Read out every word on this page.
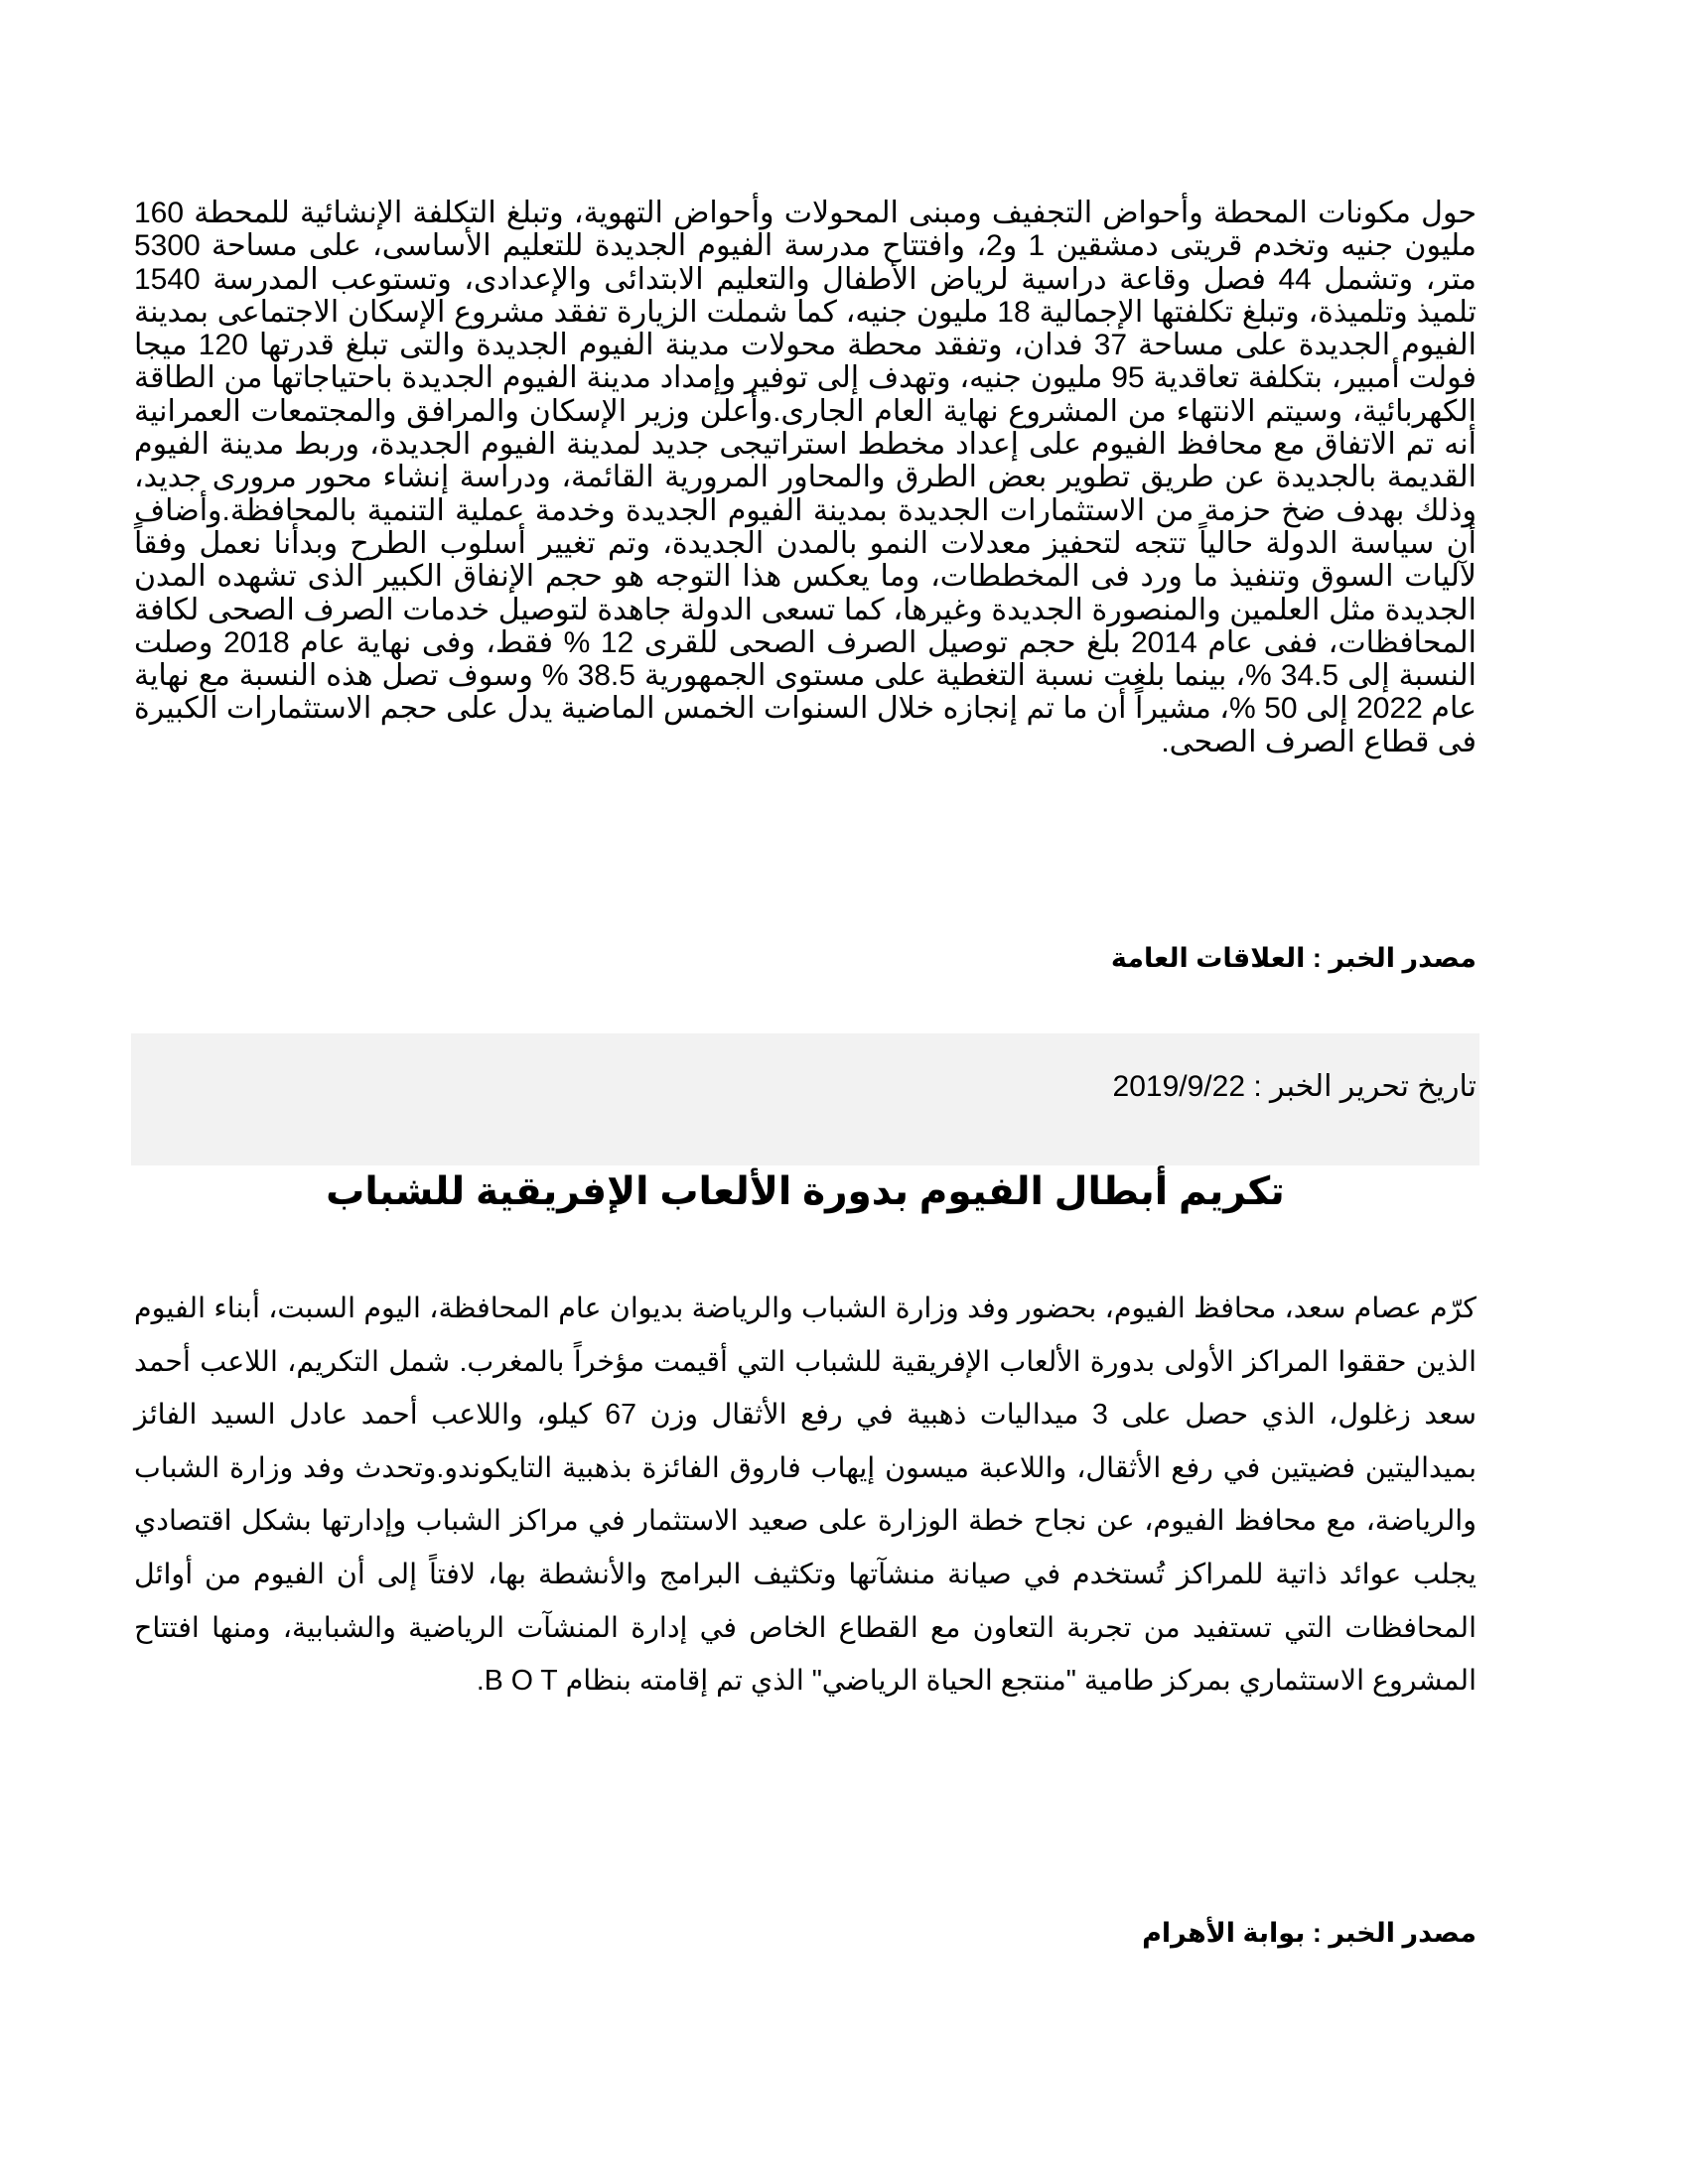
حول مكونات المحطة وأحواض التجفيف ومبنى المحولات وأحواض التهوية، وتبلغ التكلفة الإنشائية للمحطة 160 مليون جنيه وتخدم قريتى دمشقين 1 و2، وافتتاح مدرسة الفيوم الجديدة للتعليم الأساسى، على مساحة 5300 متر، وتشمل 44 فصل وقاعة دراسية لرياض الأطفال والتعليم الابتدائى والإعدادى، وتستوعب المدرسة 1540 تلميذ وتلميذة، وتبلغ تكلفتها الإجمالية 18 مليون جنيه، كما شملت الزيارة تفقد مشروع الإسكان الاجتماعى بمدينة الفيوم الجديدة على مساحة 37 فدان، وتفقد محطة محولات مدينة الفيوم الجديدة والتى تبلغ قدرتها 120 ميجا فولت أمبير، بتكلفة تعاقدية 95 مليون جنيه، وتهدف إلى توفير وإمداد مدينة الفيوم الجديدة باحتياجاتها من الطاقة الكهربائية، وسيتم الانتهاء من المشروع نهاية العام الجارى.وأعلن وزير الإسكان والمرافق والمجتمعات العمرانية أنه تم الاتفاق مع محافظ الفيوم على إعداد مخطط استراتيجى جديد لمدينة الفيوم الجديدة، وربط مدينة الفيوم القديمة بالجديدة عن طريق تطوير بعض الطرق والمحاور المرورية القائمة، ودراسة إنشاء محور مرورى جديد، وذلك بهدف ضخ حزمة من الاستثمارات الجديدة بمدينة الفيوم الجديدة وخدمة عملية التنمية بالمحافظة.وأضاف أن سياسة الدولة حالياً تتجه لتحفيز معدلات النمو بالمدن الجديدة، وتم تغيير أسلوب الطرح وبدأنا نعمل وفقاً لآليات السوق وتنفيذ ما ورد فى المخططات، وما يعكس هذا التوجه هو حجم الإنفاق الكبير الذى تشهده المدن الجديدة مثل العلمين والمنصورة الجديدة وغيرها، كما تسعى الدولة جاهدة لتوصيل خدمات الصرف الصحى لكافة المحافظات، ففى عام 2014 بلغ حجم توصيل الصرف الصحى للقرى 12 % فقط، وفى نهاية عام 2018 وصلت النسبة إلى 34.5 %، بينما بلغت نسبة التغطية على مستوى الجمهورية 38.5 % وسوف تصل هذه النسبة مع نهاية عام 2022 إلى 50 %، مشيراً أن ما تم إنجازه خلال السنوات الخمس الماضية يدل على حجم الاستثمارات الكبيرة فى قطاع الصرف الصحى.

مصدر الخبر : العلاقات العامة
تاريخ تحرير الخبر : 2019/9/22
تكريم أبطال الفيوم بدورة الألعاب الإفريقية للشباب

كرّم عصام سعد، محافظ الفيوم، بحضور وفد وزارة الشباب والرياضة بديوان عام المحافظة، اليوم السبت، أبناء الفيوم الذين حققوا المراكز الأولى بدورة الألعاب الإفريقية للشباب التي أقيمت مؤخراً بالمغرب. شمل التكريم، اللاعب أحمد سعد زغلول، الذي حصل على 3 ميداليات ذهبية في رفع الأثقال وزن 67 كيلو، واللاعب أحمد عادل السيد الفائز بميداليتين فضيتين في رفع الأثقال، واللاعبة ميسون إيهاب فاروق الفائزة بذهبية التايكوندو.وتحدث وفد وزارة الشباب والرياضة، مع محافظ الفيوم، عن نجاح خطة الوزارة على صعيد الاستثمار في مراكز الشباب وإدارتها بشكل اقتصادي يجلب عوائد ذاتية للمراكز تُستخدم في صيانة منشآتها وتكثيف البرامج والأنشطة بها، لافتاً إلى أن الفيوم من أوائل المحافظات التي تستفيد من تجربة التعاون مع القطاع الخاص في إدارة المنشآت الرياضية والشبابية، ومنها افتتاح المشروع الاستثماري بمركز طامية "منتجع الحياة الرياضي" الذي تم إقامته بنظام B O T.

مصدر الخبر : بوابة الأهرام
